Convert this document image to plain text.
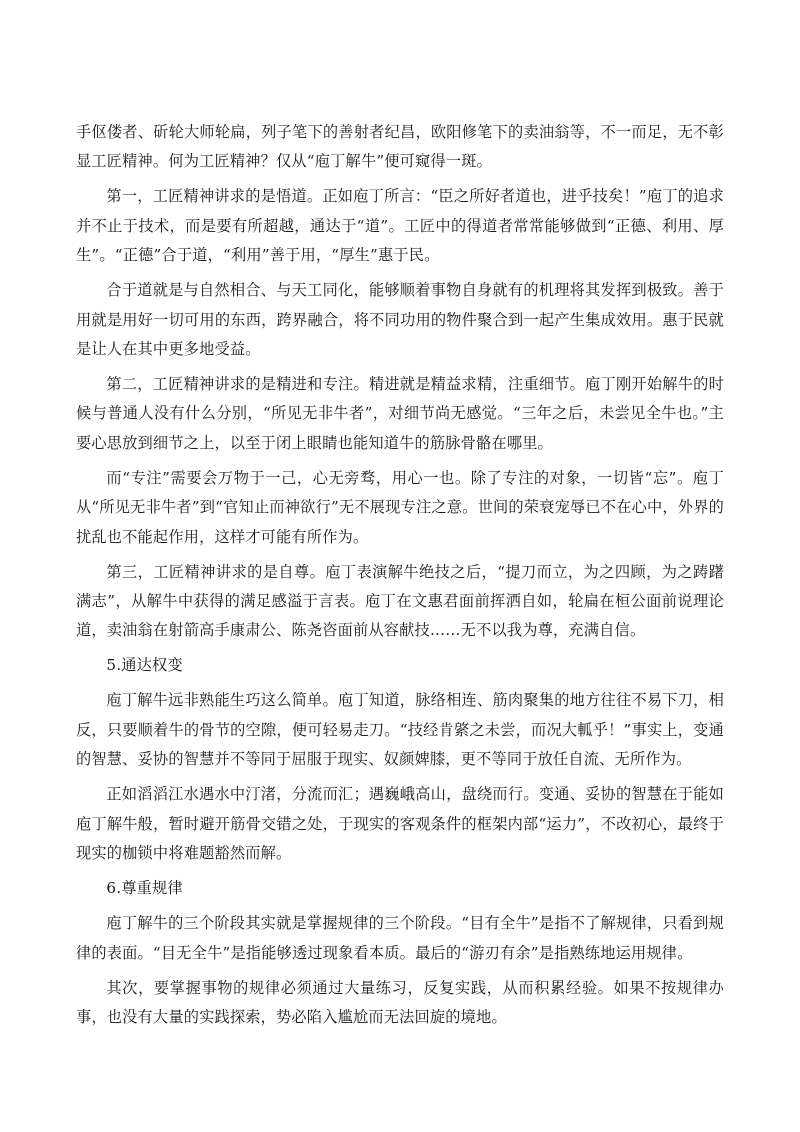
手伛偻者、斫轮大师轮扁，列子笔下的善射者纪昌，欧阳修笔下的卖油翁等，不一而足，无不彰显工匠精神。何为工匠精神？仅从“庖丁解牛”便可窥得一斑。

第一，工匠精神讲求的是悟道。正如庖丁所言：“臣之所好者道也，进乎技矣！”庖丁的追求并不止于技术，而是要有所超越，通达于“道”。工匠中的得道者常常能够做到“正德、利用、厚生”。“正德”合于道，“利用”善于用，“厚生”惠于民。

合于道就是与自然相合、与天工同化，能够顺着事物自身就有的机理将其发挥到极致。善于用就是用好一切可用的东西，跨界融合，将不同功用的物件聚合到一起产生集成效用。惠于民就是让人在其中更多地受益。

第二，工匠精神讲求的是精进和专注。精进就是精益求精，注重细节。庖丁刚开始解牛的时候与普通人没有什么分别，“所见无非牛者”，对细节尚无感觉。“三年之后，未尝见全牛也。”主要心思放到细节之上，以至于闭上眼睛也能知道牛的筋脉骨骼在哪里。

而“专注”需要会万物于一己，心无旁骛，用心一也。除了专注的对象，一切皆“忘”。庖丁从“所见无非牛者”到“官知止而神欲行”无不展现专注之意。世间的荣衰宠辱已不在心中，外界的扰乱也不能起作用，这样才可能有所作为。

第三，工匠精神讲求的是自尊。庖丁表演解牛绝技之后，“提刀而立，为之四顾，为之踌躇满志”，从解牛中获得的满足感溢于言表。庖丁在文惠君面前挥洒自如，轮扁在桓公面前说理论道，卖油翁在射箭高手康肃公、陈尧咨面前从容献技……无不以我为尊，充满自信。

5.通达权变

庖丁解牛远非熟能生巧这么简单。庖丁知道，脉络相连、筋肉聚集的地方往往不易下刀，相反，只要顺着牛的骨节的空隙，便可轻易走刀。“技经肯綮之未尝，而况大軱乎！”事实上，变通的智慧、妥协的智慧并不等同于屈服于现实、奴颜婢膝，更不等同于放任自流、无所作为。

正如滔滔江水遇水中汀渚，分流而汇；遇巍峨高山，盘绕而行。变通、妥协的智慧在于能如庖丁解牛般，暂时避开筋骨交错之处，于现实的客观条件的框架内部“运力”，不改初心，最终于现实的枷锁中将难题豁然而解。

6.尊重规律

庖丁解牛的三个阶段其实就是掌握规律的三个阶段。“目有全牛”是指不了解规律，只看到规律的表面。“目无全牛”是指能够透过现象看本质。最后的“游刃有余”是指熟练地运用规律。

其次，要掌握事物的规律必须通过大量练习，反复实践，从而积累经验。如果不按规律办事，也没有大量的实践探索，势必陷入尴尬而无法回旋的境地。
